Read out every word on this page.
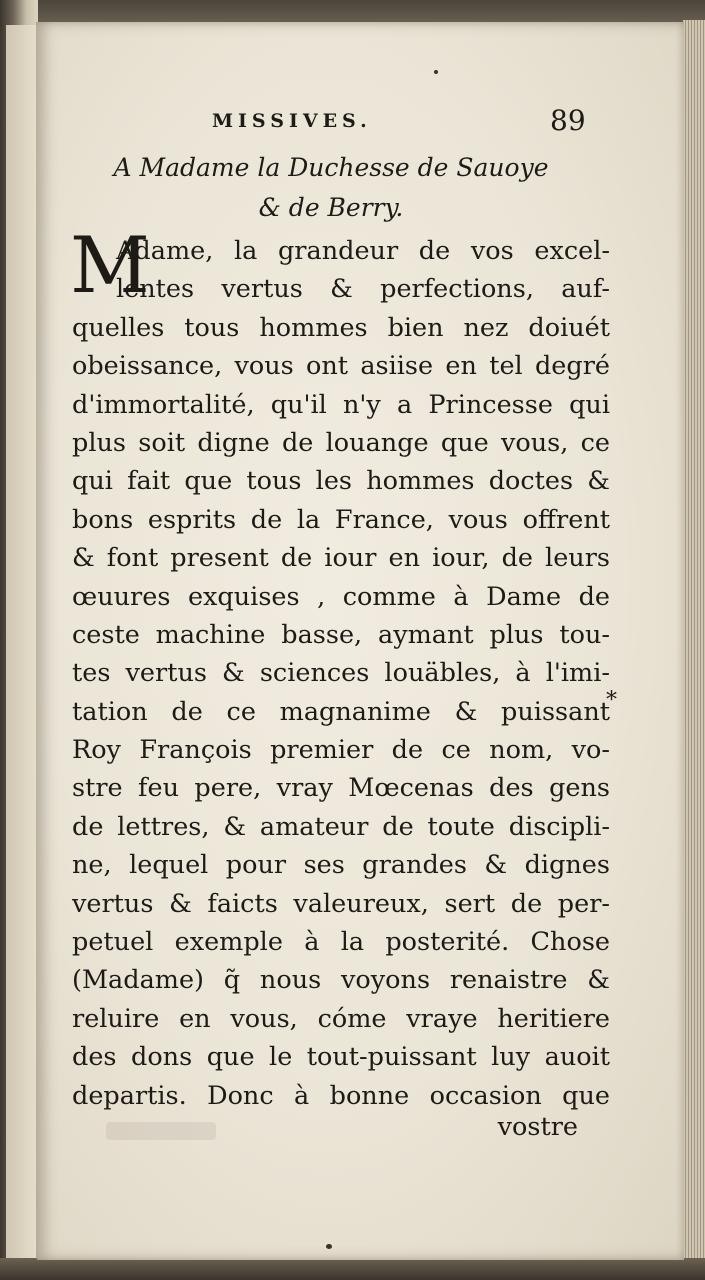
MISSIVES.	89
A Madame la Duchesse de Sauoye
& de Berry.
M
Adame, la grandeur de vos excel-
lentes vertus & perfections, auf-
quelles tous hommes bien nez doiuét
obeissance, vous ont asiise en tel degré
d'immortalité, qu'il n'y a Princesse qui
plus soit digne de louange que vous, ce
qui fait que tous les hommes doctes &
bons esprits de la France, vous offrent
& font present de iour en iour, de leurs
œuures exquises , comme à Dame de
ceste machine basse, aymant plus tou-
tes vertus & sciences louäbles, à l'imi-
tation de ce magnanime & puissant
Roy François premier de ce nom, vo-
stre feu pere, vray Mœcenas des gens
de lettres, & amateur de toute discipli-
ne, lequel pour ses grandes & dignes
vertus & faicts valeureux, sert de per-
petuel exemple à la posterité. Chose
(Madame) q̃ nous voyons renaistre &
reluire en vous, cóme vraye heritiere
des dons que le tout-puissant luy auoit
departis. Donc à bonne occasion que
vostre
*
